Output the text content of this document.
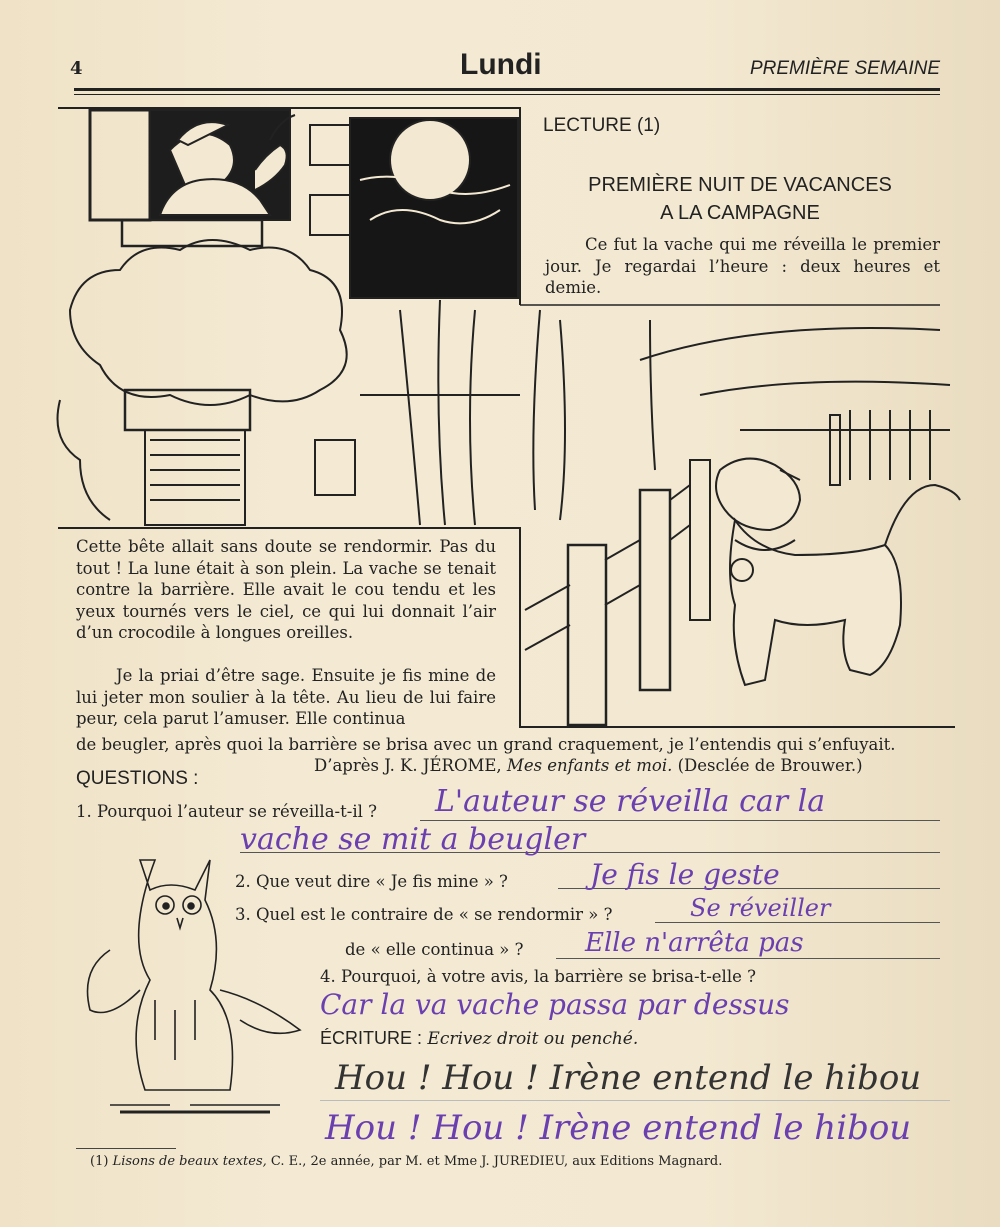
4	Lundi	PREMIÈRE SEMAINE
LECTURE (1)
PREMIÈRE NUIT DE VACANCES
A LA CAMPAGNE
Ce fut la vache qui me réveilla le premier jour. Je regardai l’heure : deux heures et demie.
Cette bête allait sans doute se rendormir. Pas du tout ! La lune était à son plein. La vache se tenait contre la barrière. Elle avait le cou tendu et les yeux tournés vers le ciel, ce qui lui donnait l’air d’un crocodile à longues oreilles.
Je la priai d’être sage. Ensuite je fis mine de lui jeter mon soulier à la tête. Au lieu de lui faire peur, cela parut l’amuser. Elle continua
de beugler, après quoi la barrière se brisa avec un grand craquement, je l’entendis qui s’enfuyait.
D’après J. K. JÉROME, Mes enfants et moi. (Desclée de Brouwer.)
QUESTIONS :
1. Pourquoi l’auteur se réveilla-t-il ? L'auteur se réveilla car la
vache se mit a beugler
2. Que veut dire « Je fis mine » ?	Je fis le geste
3. Quel est le contraire de « se rendormir » ?	Se réveiller
de « elle continua » ? Elle n'arrêta pas
4. Pourquoi, à votre avis, la barrière se brisa-t-elle ?
Car la va vache passa par dessus
ÉCRITURE : Ecrivez droit ou penché.
Hou ! Hou ! Irène entend le hibou
Hou ! Hou ! Irène entend le hibou
(1) Lisons de beaux textes, C. E., 2e année, par M. et Mme J. JUREDIEU, aux Editions Magnard.
